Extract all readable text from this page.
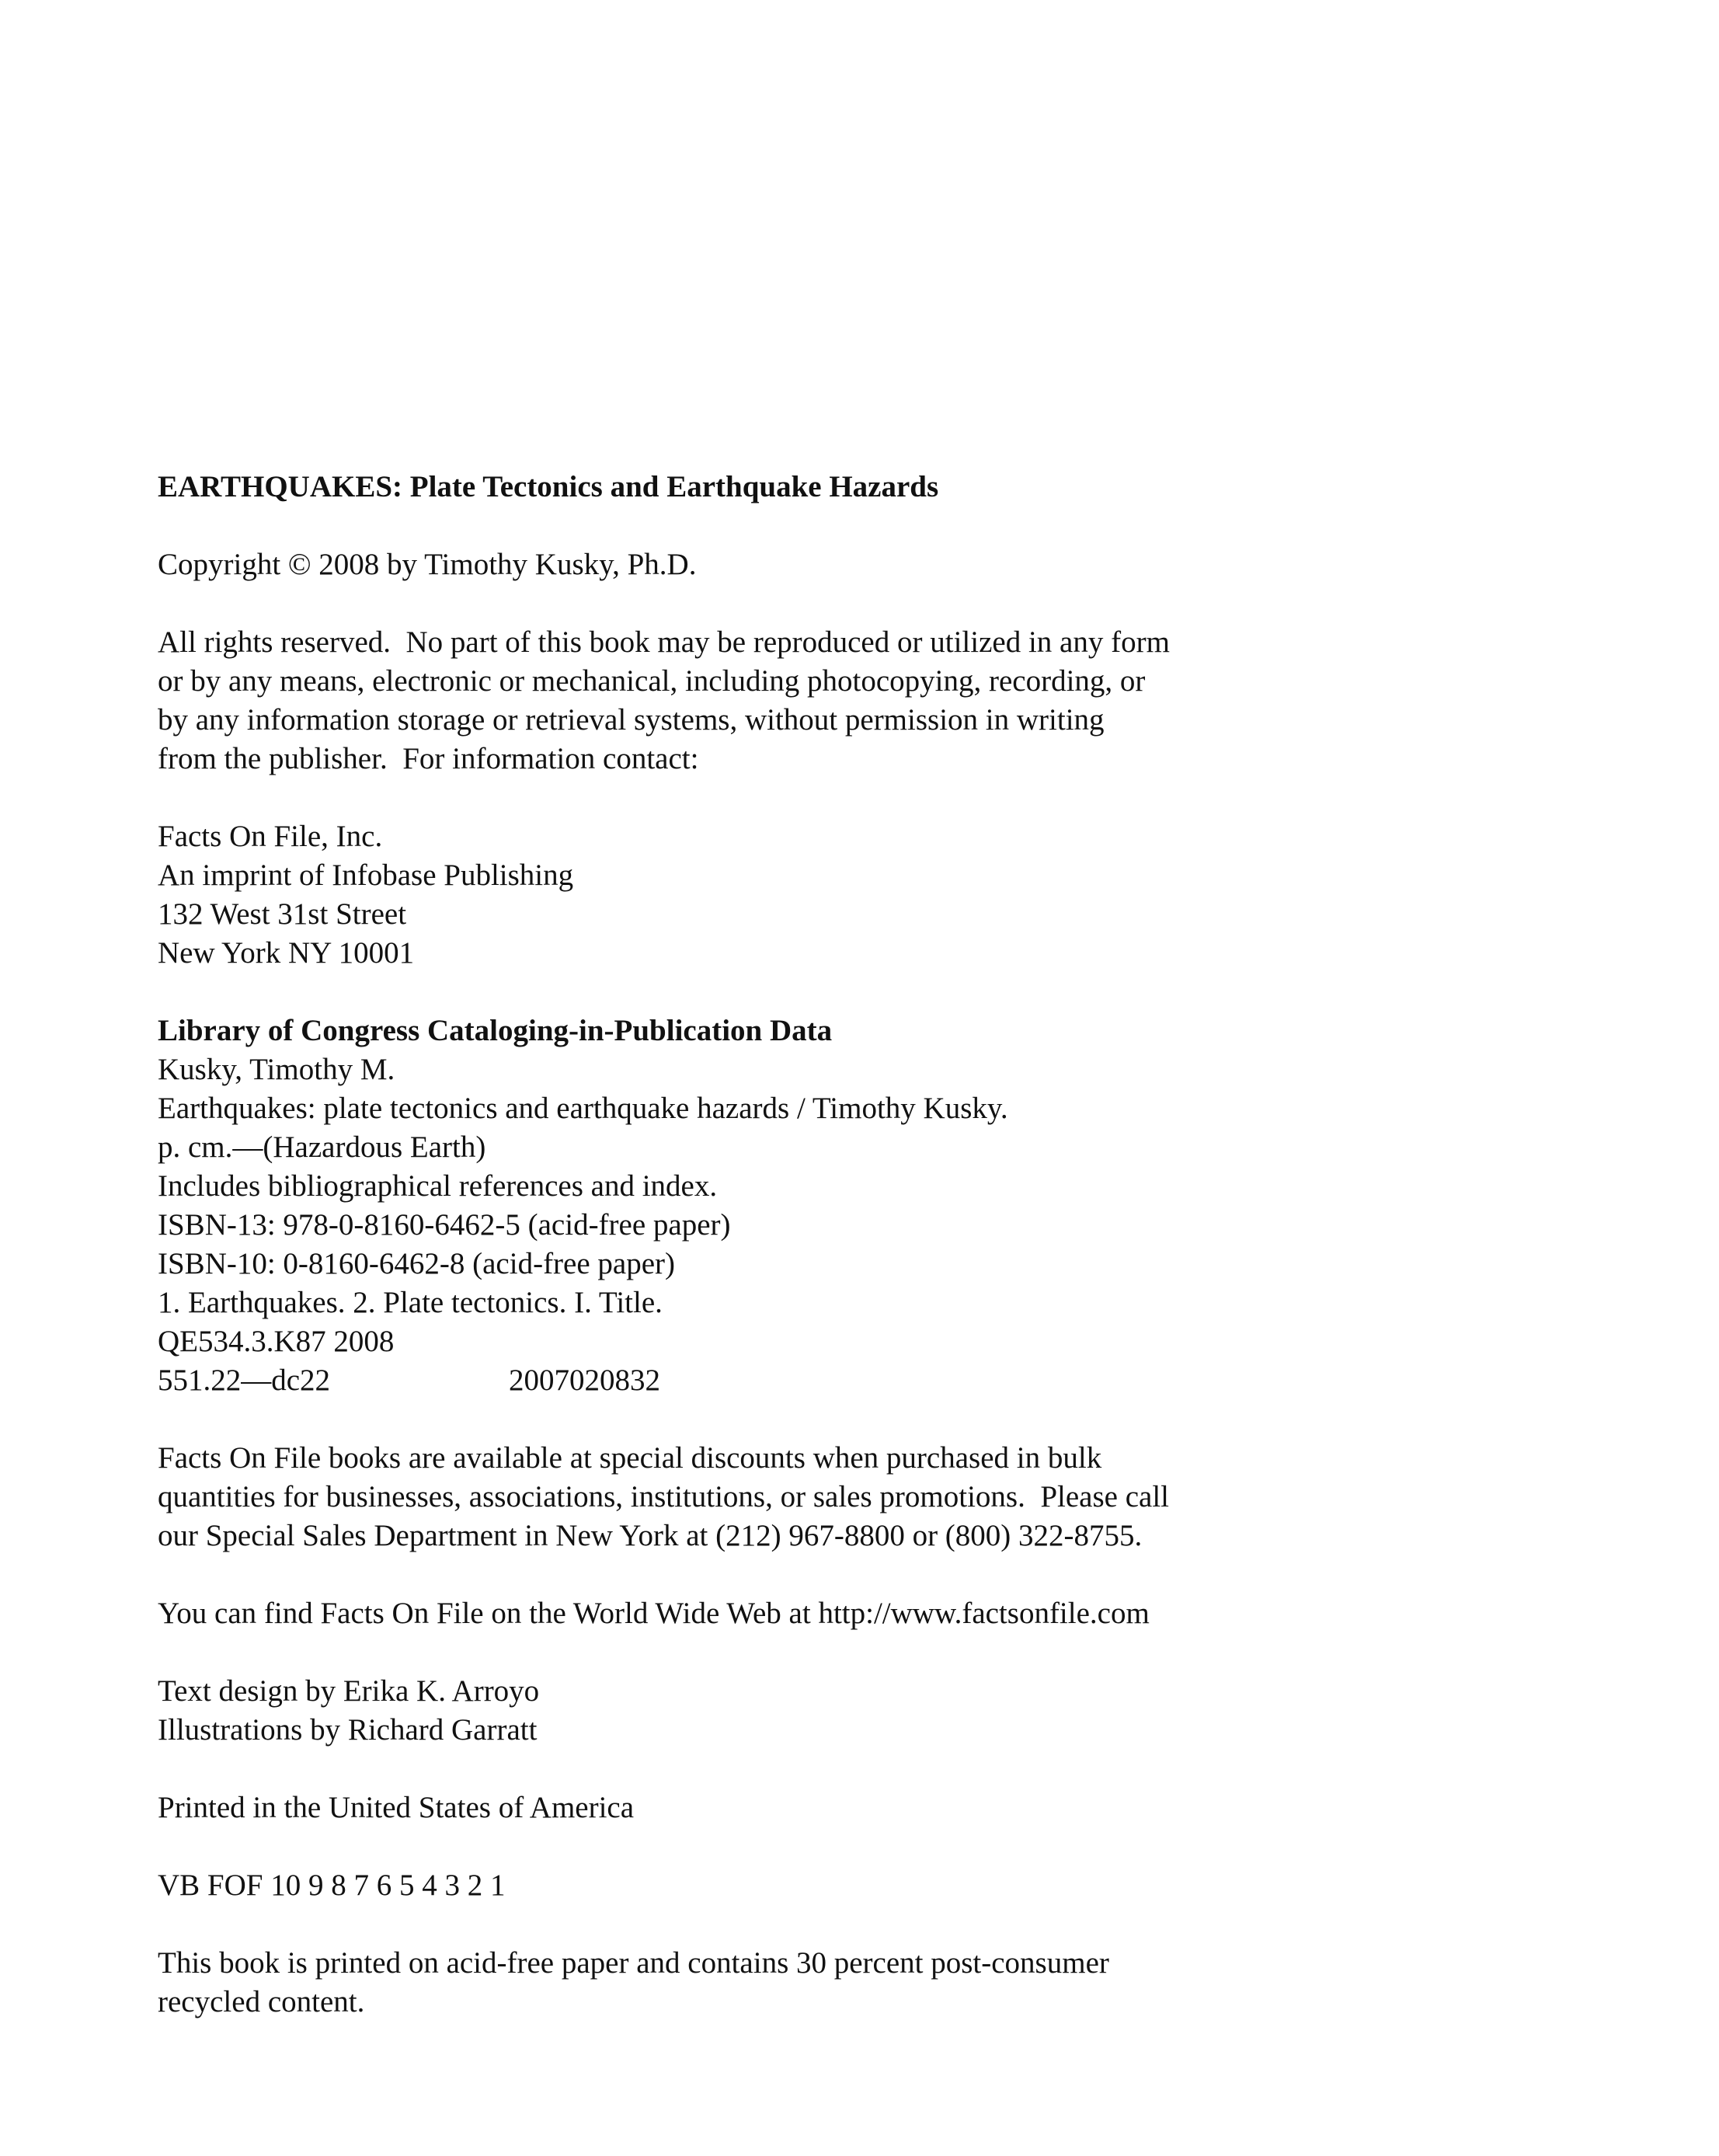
EARTHQUAKES: Plate Tectonics and Earthquake Hazards
Copyright © 2008 by Timothy Kusky, Ph.D.
All rights reserved.  No part of this book may be reproduced or utilized in any form
or by any means, electronic or mechanical, including photocopying, recording, or
by any information storage or retrieval systems, without permission in writing
from the publisher.  For information contact:
Facts On File, Inc.
An imprint of Infobase Publishing
132 West 31st Street
New York NY 10001
Library of Congress Cataloging-in-Publication Data
Kusky, Timothy M.
Earthquakes: plate tectonics and earthquake hazards / Timothy Kusky.
p. cm.—(Hazardous Earth)
Includes bibliographical references and index.
ISBN-13: 978-0-8160-6462-5 (acid-free paper)
ISBN-10: 0-8160-6462-8 (acid-free paper)
1. Earthquakes. 2. Plate tectonics. I. Title.
QE534.3.K87 2008
551.22—dc22	2007020832
Facts On File books are available at special discounts when purchased in bulk
quantities for businesses, associations, institutions, or sales promotions.  Please call
our Special Sales Department in New York at (212) 967-8800 or (800) 322-8755.
You can find Facts On File on the World Wide Web at http://www.factsonfile.com
Text design by Erika K. Arroyo
Illustrations by Richard Garratt
Printed in the United States of America
VB FOF 10 9 8 7 6 5 4 3 2 1
This book is printed on acid-free paper and contains 30 percent post-consumer
recycled content.
